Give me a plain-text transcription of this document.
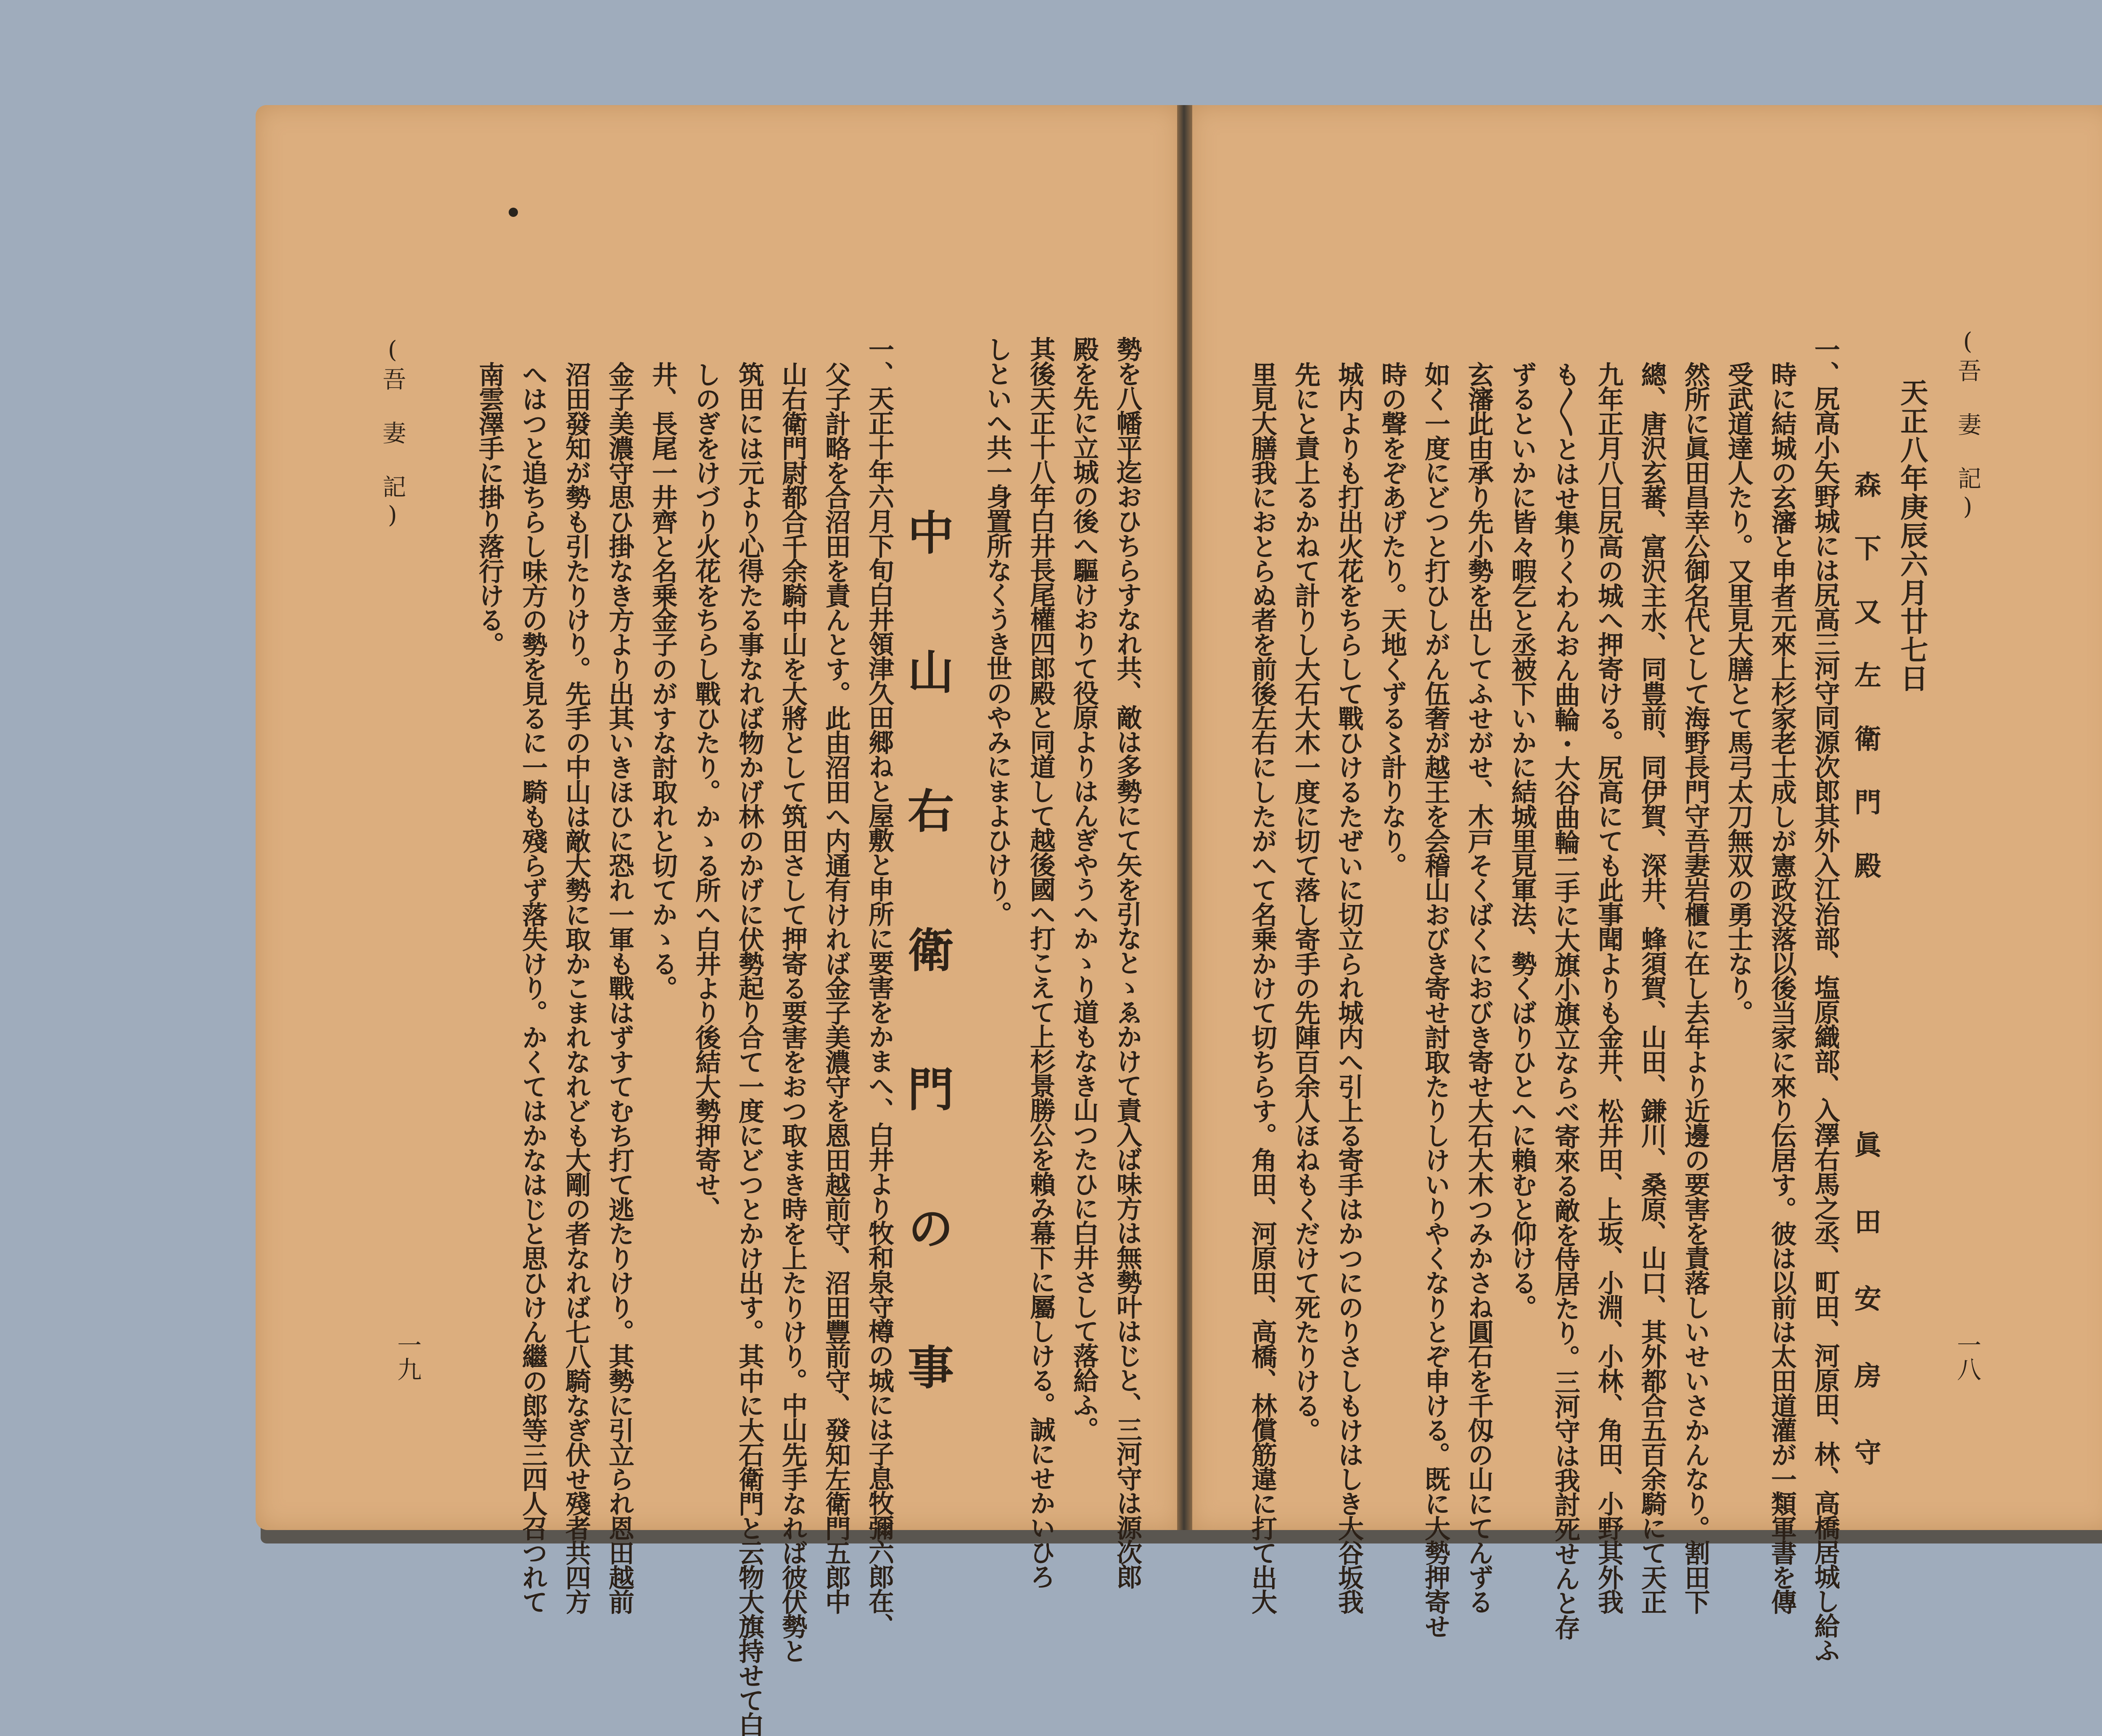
(吾　妻　記)
一八
天正八年庚辰六月廿七日
森 下 又 左 衛 門 殿
眞 田 安 房 守
一、尻高小矢野城には尻高三河守同源次郎其外入江治部、塩原織部、入澤右馬之丞、町田、河原田、林、高橋居城し給ふ
時に結城の玄瀋と申者元來上杉家老士成しが憲政没落以後当家に來り伝居す。彼は以前は太田道灌が一類軍書を傳
受武道達人たり。又里見大膳とて馬弓太刀無双の勇士なり。
然所に眞田昌幸公御名代として海野長門守吾妻岩櫃に在し去年より近邊の要害を責落しいせいさかんなり。割田下
總、唐沢玄蕃、富沢主水、同豊前、同伊賀、深井、蜂須賀、山田、鎌川、桑原、山口、其外都合五百余騎にて天正
九年正月八日尻高の城へ押寄ける。尻高にても此事聞よりも金井、松井田、上坂、小淵、小林、角田、小野其外我
も〳〵とはせ集りくわんおん曲輪・大谷曲輪二手に大旗小旗立ならべ寄來る敵を侍居たり。三河守は我討死せんと存
ずるといかに皆々暇乞と丞被下いかに結城里見軍法、勢くばりひとへに賴むと仰ける。
玄瀋此由承り先小勢を出してふせがせ、木戸そくばくにおびき寄せ大石大木つみかさね圓石を千仭の山にてんずる
如く一度にどつと打ひしがん伍奢が越王を会稽山おびき寄せ討取たりしけいりやくなりとぞ申ける。既に大勢押寄せ
時の聲をぞあげたり。天地くずる〻計りなり。
城内よりも打出火花をちらして戰ひけるたぜいに切立られ城内へ引上る寄手はかつにのりさしもけはしき大谷坂我
先にと責上るかねて計りし大石大木一度に切て落し寄手の先陣百余人ほねもくだけて死たりける。
里見大膳我におとらぬ者を前後左右にしたがへて名乗かけて切ちらす。角田、河原田、高橋、林償筋違に打て出大
(吾　妻　記)
一九	勢を八幡平迄おひちらすなれ共、敵は多勢にて矢を引なとゝゑかけて責入ば味方は無勢叶はじと、三河守は源次郎
殿を先に立城の後へ驅けおりて役原よりはんぎやうへかゝり道もなき山つたひに白井さして落給ふ。
其後天正十八年白井長尾權四郎殿と同道して越後國へ打こえて上杉景勝公を賴み幕下に屬しける。誠にせかいひろ
しといへ共一身置所なくうき世のやみにまよひけり。
中 山 右 衛 門 の 事
一、天正十年六月下旬白井領津久田郷ねと屋敷と申所に要害をかまへ、白井より牧和泉守樽の城には子息牧彌六郎在、
父子計略を合沼田を責んとす。此由沼田へ内通有ければ金子美濃守を恩田越前守、沼田豐前守、發知左衛門五郎中
山右衛門尉都合千余騎中山を大將として筑田さして押寄る要害をおつ取まき時を上たりけり。中山先手なれば彼伏勢と
筑田には元より心得たる事なれば物かげ林のかげに伏勢起り合て一度にどつとかけ出す。其中に大石衛門と云物大旗持せて白
しのぎをけづり火花をちらし戰ひたり。かゝる所へ白井より後結大勢押寄せ、
井、長尾一井齊と名乗金子のがすな討取れと切てかゝる。
金子美濃守思ひ掛なき方より出其いきほひに恐れ一軍も戰はずすてむち打て逃たりけり。其勢に引立られ恩田越前
沼田發知が勢も引たりけり。先手の中山は敵大勢に取かこまれなれども大剛の者なれば七八騎なぎ伏せ殘者共四方
へはつと追ちらし味方の勢を見るに一騎も殘らず落失けり。かくてはかなはじと思ひけん繼の郎等三四人召つれて
南雲澤手に掛り落行ける。
